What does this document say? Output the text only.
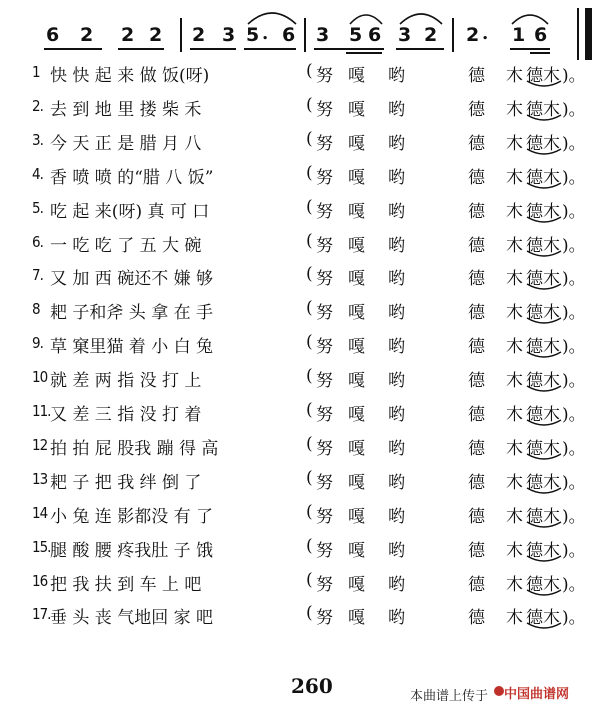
6 2 2 2 2 3 5 . 6 3 5 6 3 2 2 . 1 6
1 快 快 起 来 做 饭(呀)	( 努 嘎 哟	德 木 德木 )。
2. 去 到 地 里 搂 柴 禾	( 努 嘎 哟	德 木 德木 )。
3. 今 天 正 是 腊 月 八	( 努 嘎 哟	德 木 德木 )。
4. 香 喷 喷 的“腊 八 饭”	( 努 嘎 哟	德 木 德木 )。
5. 吃 起 来(呀) 真 可 口	( 努 嘎 哟	德 木 德木 )。
6. 一 吃 吃 了 五 大 碗	( 努 嘎 哟	德 木 德木 )。
7. 又 加 西 碗还不 嫌 够	( 努 嘎 哟	德 木 德木 )。
8 耙 子和斧 头 拿 在 手	( 努 嘎 哟	德 木 德木 )。
9. 草 窠里猫 着 小 白 兔	( 努 嘎 哟	德 木 德木 )。
10 就 差 两 指 没 打 上	( 努 嘎 哟	德 木 德木 )。
11. 又 差 三 指 没 打 着	( 努 嘎 哟	德 木 德木 )。
12 拍 拍 屁 股我 蹦 得 高	( 努 嘎 哟	德 木 德木 )。
13 耙 子 把 我 绊 倒 了	( 努 嘎 哟	德 木 德木 )。
14 小 兔 连 影都没 有 了	( 努 嘎 哟	德 木 德木 )。
15. 腿 酸 腰 疼我肚 子 饿	( 努 嘎 哟	德 木 德木 )。
16 把 我 扶 到 车 上 吧	( 努 嘎 哟	德 木 德木 )。
17. 垂 头 丧 气地回 家 吧	( 努 嘎 哟	德 木 德木 )。
260	本曲谱上传于 中国曲谱网
